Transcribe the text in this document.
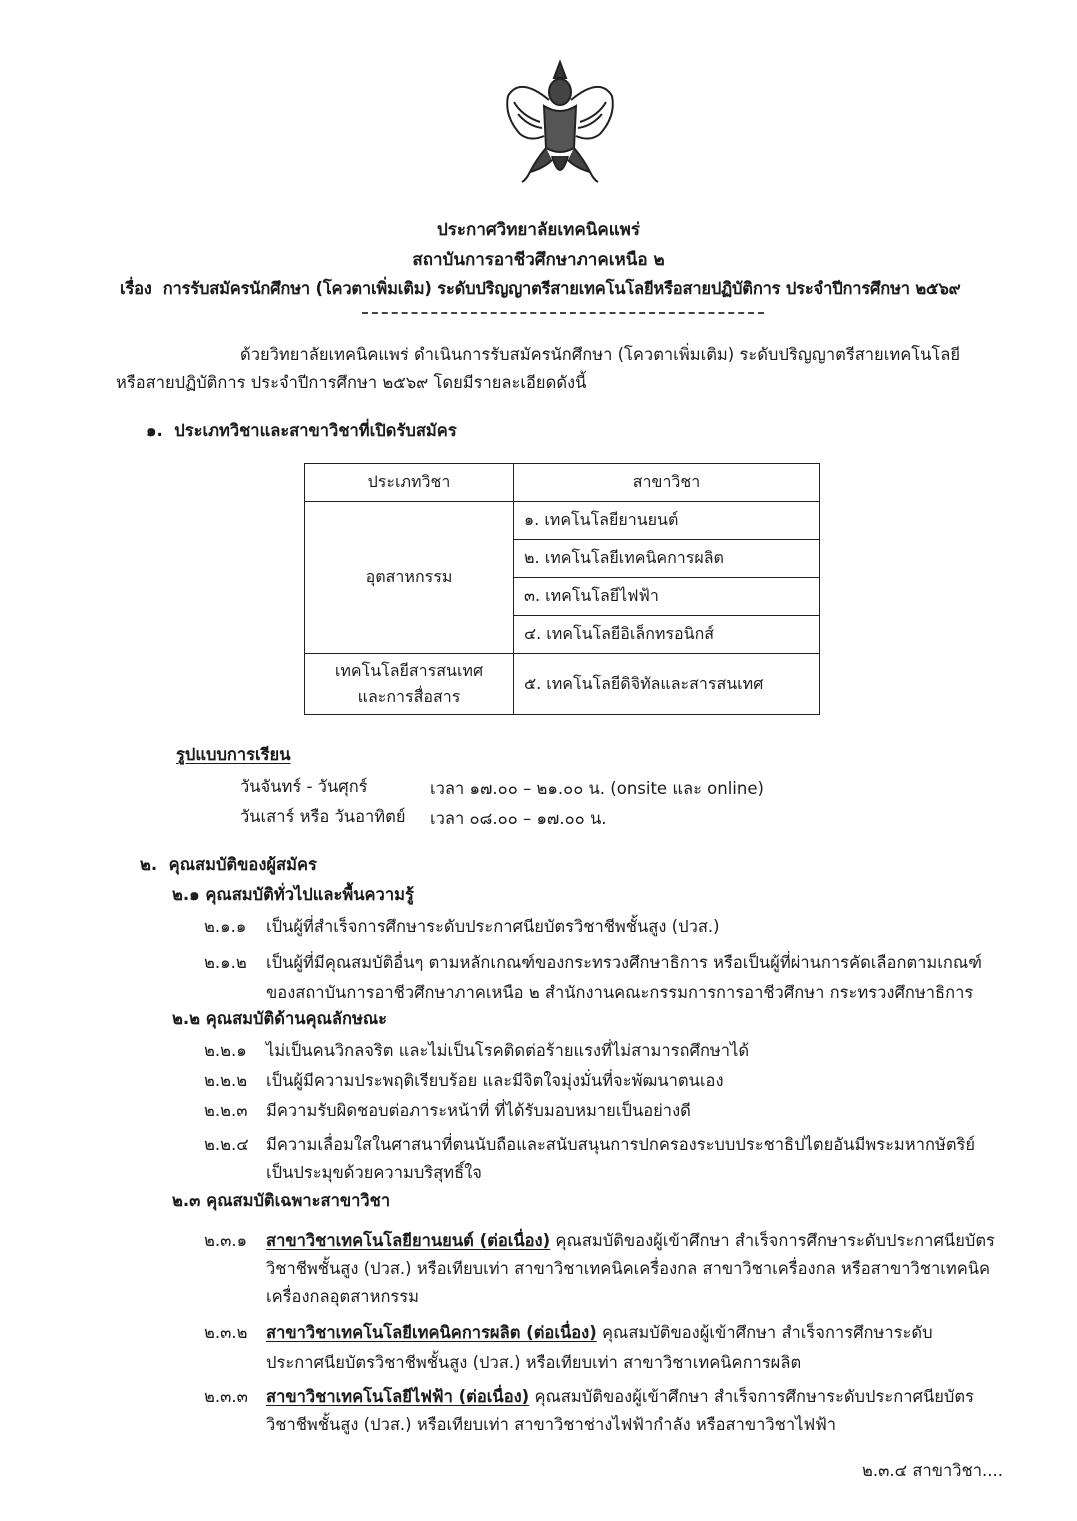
ประกาศวิทยาลัยเทคนิคแพร่
สถาบันการอาชีวศึกษาภาคเหนือ ๒
เรื่อง การรับสมัครนักศึกษา (โควตาเพิ่มเติม) ระดับปริญญาตรีสายเทคโนโลยีหรือสายปฏิบัติการ ประจำปีการศึกษา ๒๕๖๙
ด้วยวิทยาลัยเทคนิคแพร่ ดำเนินการรับสมัครนักศึกษา (โควตาเพิ่มเติม) ระดับปริญญาตรีสายเทคโนโลยี
หรือสายปฏิบัติการ ประจำปีการศึกษา ๒๕๖๙ โดยมีรายละเอียดดังนี้
๑. ประเภทวิชาและสาขาวิชาที่เปิดรับสมัคร
ประเภทวิชา	สาขาวิชา
อุตสาหกรรม	๑. เทคโนโลยียานยนต์
	๒. เทคโนโลยีเทคนิคการผลิต
	๓. เทคโนโลยีไฟฟ้า
	๔. เทคโนโลยีอิเล็กทรอนิกส์

เทคโนโลยีสารสนเทศ
และการสื่อสาร	๕. เทคโนโลยีดิจิทัลและสารสนเทศ
รูปแบบการเรียน
วันจันทร์ - วันศุกร์	เวลา ๑๗.๐๐ – ๒๑.๐๐ น. (onsite และ online)
วันเสาร์ หรือ วันอาทิตย์ เวลา ๐๘.๐๐ – ๑๗.๐๐ น.
๒. คุณสมบัติของผู้สมัคร
๒.๑ คุณสมบัติทั่วไปและพื้นความรู้
๒.๑.๑ เป็นผู้ที่สำเร็จการศึกษาระดับประกาศนียบัตรวิชาชีพชั้นสูง (ปวส.)
๒.๑.๒ เป็นผู้ที่มีคุณสมบัติอื่นๆ ตามหลักเกณฑ์ของกระทรวงศึกษาธิการ หรือเป็นผู้ที่ผ่านการคัดเลือกตามเกณฑ์
ของสถาบันการอาชีวศึกษาภาคเหนือ ๒ สำนักงานคณะกรรมการการอาชีวศึกษา กระทรวงศึกษาธิการ
๒.๒ คุณสมบัติด้านคุณลักษณะ
๒.๒.๑ ไม่เป็นคนวิกลจริต และไม่เป็นโรคติดต่อร้ายแรงที่ไม่สามารถศึกษาได้
๒.๒.๒ เป็นผู้มีความประพฤติเรียบร้อย และมีจิตใจมุ่งมั่นที่จะพัฒนาตนเอง
๒.๒.๓ มีความรับผิดชอบต่อภาระหน้าที่ ที่ได้รับมอบหมายเป็นอย่างดี
๒.๒.๔ มีความเลื่อมใสในศาสนาที่ตนนับถือและสนับสนุนการปกครองระบบประชาธิปไตยอันมีพระมหากษัตริย์
เป็นประมุขด้วยความบริสุทธิ์ใจ
๒.๓ คุณสมบัติเฉพาะสาขาวิชา
๒.๓.๑ สาขาวิชาเทคโนโลยียานยนต์ (ต่อเนื่อง) คุณสมบัติของผู้เข้าศึกษา สำเร็จการศึกษาระดับประกาศนียบัตร
วิชาชีพชั้นสูง (ปวส.) หรือเทียบเท่า สาขาวิชาเทคนิคเครื่องกล สาขาวิชาเครื่องกล หรือสาขาวิชาเทคนิค
เครื่องกลอุตสาหกรรม
๒.๓.๒ สาขาวิชาเทคโนโลยีเทคนิคการผลิต (ต่อเนื่อง) คุณสมบัติของผู้เข้าศึกษา สำเร็จการศึกษาระดับ
ประกาศนียบัตรวิชาชีพชั้นสูง (ปวส.) หรือเทียบเท่า สาขาวิชาเทคนิคการผลิต
๒.๓.๓ สาขาวิชาเทคโนโลยีไฟฟ้า (ต่อเนื่อง) คุณสมบัติของผู้เข้าศึกษา สำเร็จการศึกษาระดับประกาศนียบัตร
วิชาชีพชั้นสูง (ปวส.) หรือเทียบเท่า สาขาวิชาช่างไฟฟ้ากำลัง หรือสาขาวิชาไฟฟ้า
๒.๓.๔ สาขาวิชา....
